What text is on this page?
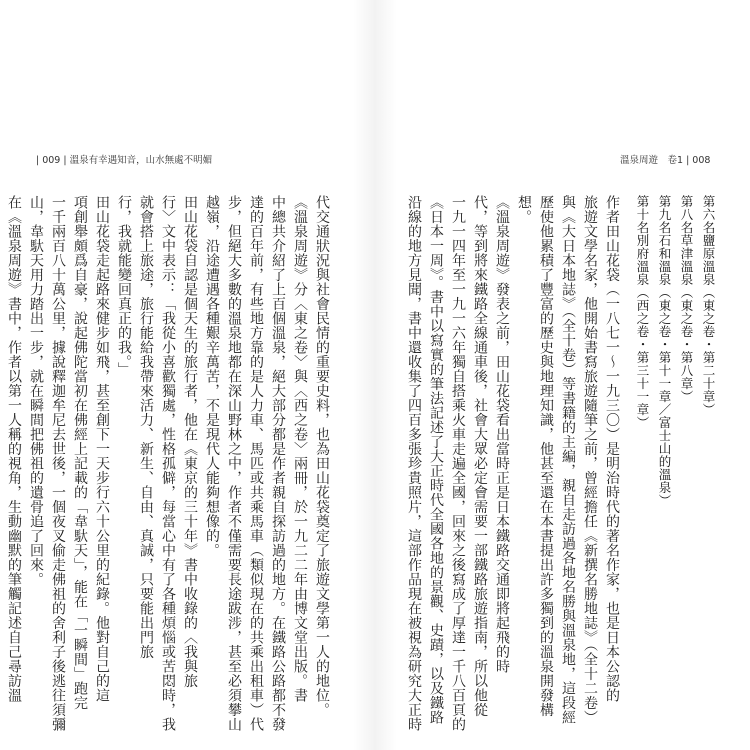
| 009 | 溫泉有幸遇知音，山水無處不明媚

代交通狀況與社會民情的重要史料，也為田山花袋奠定了旅遊文學第一人的地位。

《溫泉周遊》分〈東之卷〉與〈西之卷〉兩冊，於一九二二年由博文堂出版。書

中總共介紹了上百個溫泉，絕大部分都是作者親自探訪過的地方。在鐵路公路都不發

達的百年前，有些地方靠的是人力車、馬匹或共乘馬車（類似現在的共乘出租車）代

步，但絕大多數的溫泉地都在深山野林之中，作者不僅需要長途跋涉，甚至必須攀山

越嶺，沿途遭遇各種艱辛萬苦，不是現代人能夠想像的。

田山花袋自認是個天生的旅行者，他在《東京的三十年》書中收錄的〈我與旅

行〉文中表示：「我從小喜歡獨處，性格孤僻，每當心中有了各種煩惱或苦悶時，我

就會搭上旅途，旅行能給我帶來活力、新生、自由、真誠，只要能出門旅

行，我就能變回真正的我。」

田山花袋走起路來健步如飛，甚至創下一天步行六十公里的紀錄。他對自己的這

項創舉頗爲自豪，說起佛陀當初在佛經上記載的「韋馱天」，能在「一瞬間」跑完

一千兩百八十萬公里，據說釋迦牟尼去世後，一個夜叉偷走佛祖的舍利子後逃往須彌

山，韋馱天用力踏出一步，就在瞬間把佛祖的遺骨追了回來。

在《溫泉周遊》書中，作者以第一人稱的視角，生動幽默的筆觸記述自己尋訪溫

溫泉周遊　卷1 | 008

第六名鹽原溫泉（東之卷・第二十章）

第八名草津溫泉（東之卷・第八章）

第九名石和溫泉（東之卷・第十一章／富士山的溫泉）

第十名別府溫泉（西之卷・第三十一章）

作者田山花袋（一八七一～一九三〇）是明治時代的著名作家，也是日本公認的

旅遊文學名家，他開始書寫旅遊隨筆之前，曾經擔任《新撰名勝地誌》（全十二卷）

與《大日本地誌》（全十卷）等書籍的主編，親自走訪過各地名勝與溫泉地，這段經

歷使他累積了豐富的歷史與地理知識，他甚至還在本書提出許多獨到的溫泉開發構

想。

《溫泉周遊》發表之前，田山花袋看出當時正是日本鐵路交通即將起飛的時

代，等到將來鐵路全線通車後，社會大眾必定會需要一部鐵路旅遊指南，所以他從

一九一四年至一九一六年獨自搭乘火車走遍全國，回來之後寫成了厚達一千八百頁的

《日本一周》。書中以寫實的筆法記述了大正時代全國各地的景觀、史蹟，以及鐵路

沿線的地方見聞，書中還收集了四百多張珍貴照片，這部作品現在被視為研究大正時
